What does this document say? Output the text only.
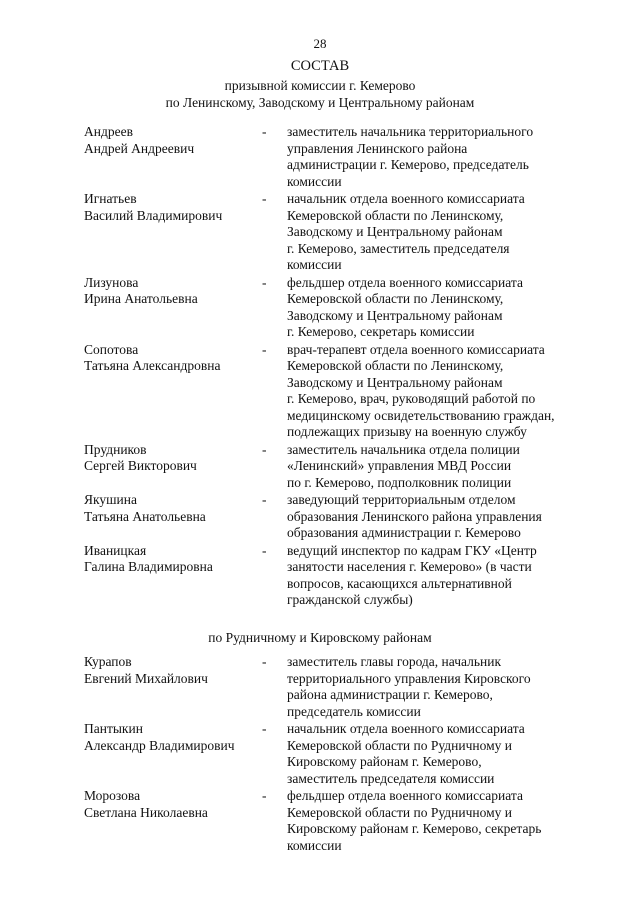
28
СОСТАВ
призывной комиссии г. Кемерово
по Ленинскому, Заводскому и Центральному районам
Андреев
Андрей Андреевич
-	заместитель начальника территориального
управления Ленинского района
администрации г. Кемерово, председатель
комиссии
Игнатьев
Василий Владимирович
-	начальник отдела военного комиссариата
Кемеровской области по Ленинскому,
Заводскому и Центральному районам
г. Кемерово, заместитель председателя
комиссии
Лизунова
Ирина Анатольевна
-	фельдшер отдела военного комиссариата
Кемеровской области по Ленинскому,
Заводскому и Центральному районам
г. Кемерово, секретарь комиссии
Сопотова
Татьяна Александровна
-	врач-терапевт отдела военного комиссариата
Кемеровской области по Ленинскому,
Заводскому и Центральному районам
г. Кемерово, врач, руководящий работой по
медицинскому освидетельствованию граждан,
подлежащих призыву на военную службу
Прудников
Сергей Викторович
-	заместитель начальника отдела полиции
«Ленинский» управления МВД России
по г. Кемерово, подполковник полиции
Якушина
Татьяна Анатольевна
-	заведующий территориальным отделом
образования Ленинского района управления
образования администрации г. Кемерово
Иваницкая
Галина Владимировна
-	ведущий инспектор по кадрам ГКУ «Центр
занятости населения г. Кемерово» (в части
вопросов, касающихся альтернативной
гражданской службы)
по Рудничному и Кировскому районам
Курапов
Евгений Михайлович
-	заместитель главы города, начальник
территориального управления Кировского
района администрации г. Кемерово,
председатель комиссии
Пантыкин
Александр Владимирович
-	начальник отдела военного комиссариата
Кемеровской области по Рудничному и
Кировскому районам г. Кемерово,
заместитель председателя комиссии
Морозова
Светлана Николаевна
-	фельдшер отдела военного комиссариата
Кемеровской области по Рудничному и
Кировскому районам г. Кемерово, секретарь
комиссии
